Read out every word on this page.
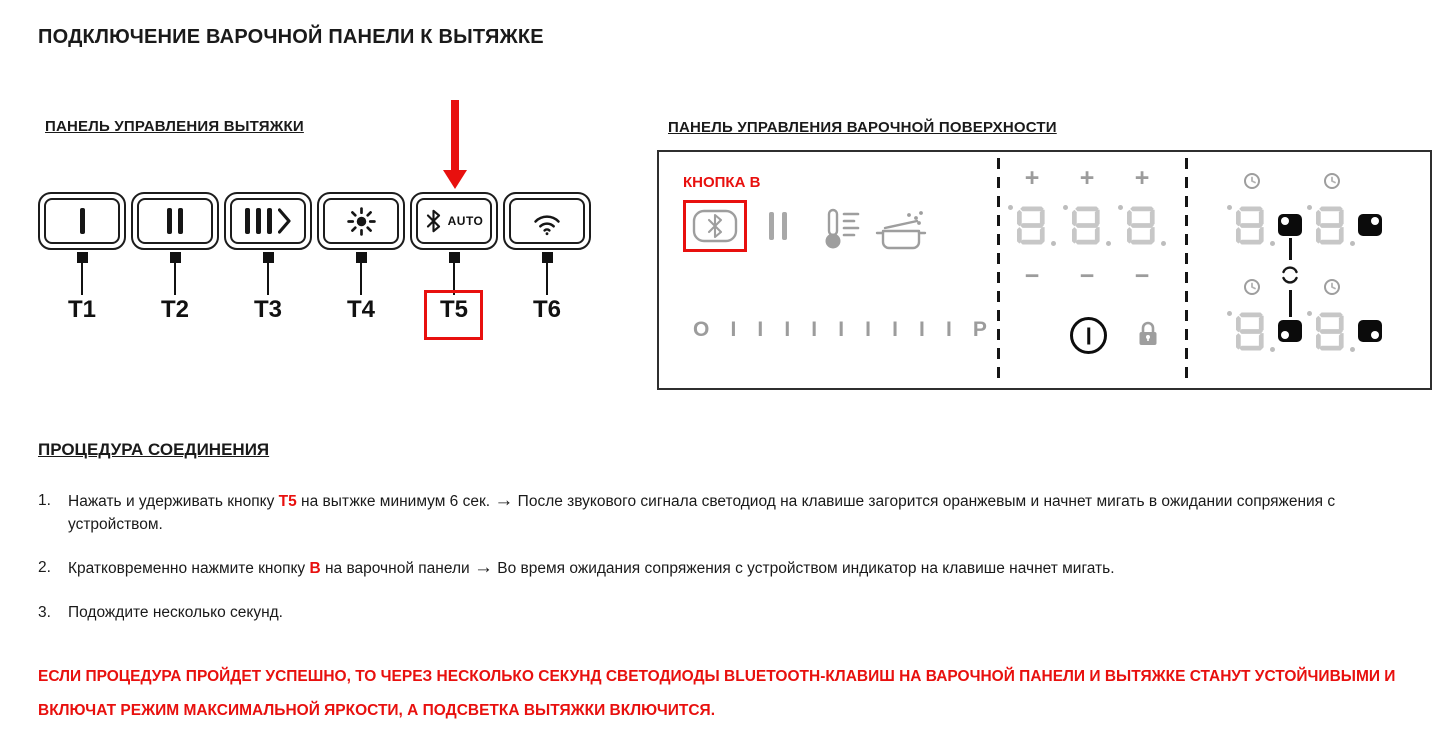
ПОДКЛЮЧЕНИЕ ВАРОЧНОЙ ПАНЕЛИ К ВЫТЯЖКЕ
ПАНЕЛЬ УПРАВЛЕНИЯ ВЫТЯЖКИ
AUTO
T1	T2	T3	T4	T5	T6
ПАНЕЛЬ УПРАВЛЕНИЯ ВАРОЧНОЙ ПОВЕРХНОСТИ
КНОПКА B
O I I I I I I I I I P
+	+	+
−	−	−
ПРОЦЕДУРА СОЕДИНЕНИЯ
1. Нажать и удерживать кнопку T5 на вытжке минимум 6 сек. → После звукового сигнала светодиод на клавише загорится оранжевым и начнет мигать в ожидании сопряжения с устройством.
2. Кратковременно нажмите кнопку B на варочной панели → Во время ожидания сопряжения с устройством индикатор на клавише начнет мигать.
3. Подождите несколько секунд.
ЕСЛИ ПРОЦЕДУРА ПРОЙДЕТ УСПЕШНО, ТО ЧЕРЕЗ НЕСКОЛЬКО СЕКУНД СВЕТОДИОДЫ BLUETOOTH-КЛАВИШ НА ВАРОЧНОЙ ПАНЕЛИ И ВЫТЯЖКЕ СТАНУТ УСТОЙЧИВЫМИ И ВКЛЮЧАТ РЕЖИМ МАКСИМАЛЬНОЙ ЯРКОСТИ, А ПОДСВЕТКА ВЫТЯЖКИ ВКЛЮЧИТСЯ.
